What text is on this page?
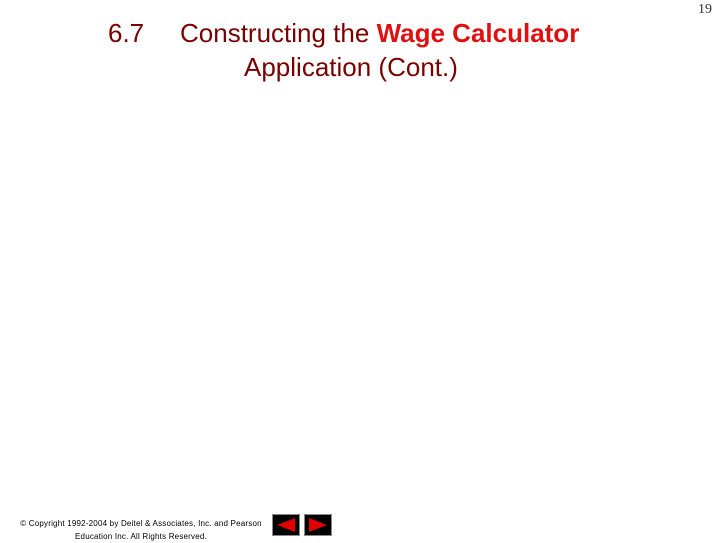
6.7 Constructing the Wage Calculator
Application (Cont.)
19
© Copyright 1992-2004 by Deitel & Associates, Inc. and Pearson
Education Inc. All Rights Reserved.
